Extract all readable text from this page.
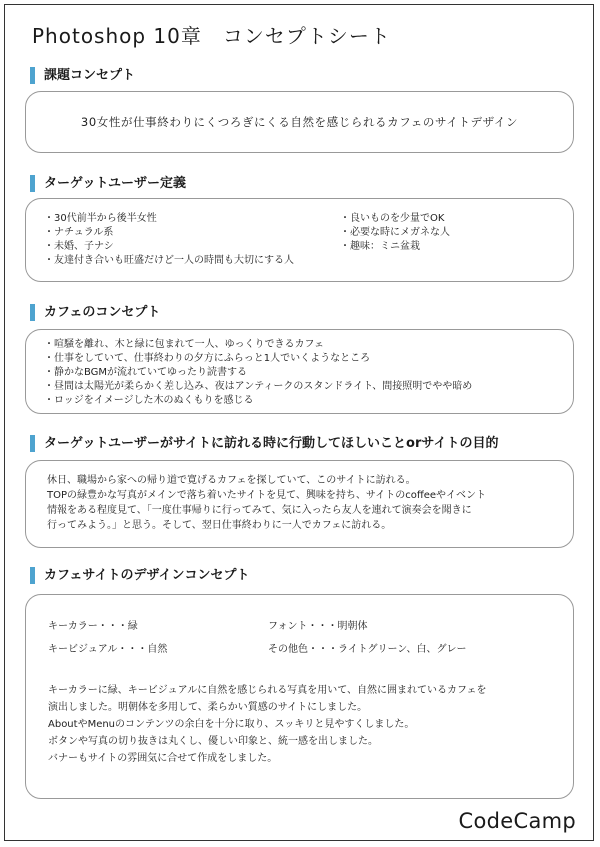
Photoshop 10章　コンセプトシート
課題コンセプト
30女性が仕事終わりにくつろぎにくる自然を感じられるカフェのサイトデザイン
ターゲットユーザー定義
・ 30代前半から後半女性
・ ナチュラル系
・ 未婚、子ナシ
・ 友達付き合いも旺盛だけど一人の時間も大切にする人
・ 良いものを少量でOK
・ 必要な時にメガネな人
・ 趣味：ミニ盆栽
カフェのコンセプト
・ 喧騒を離れ、木と緑に包まれて一人、ゆっくりできるカフェ
・ 仕事をしていて、仕事終わりの夕方にふらっと1人でいくようなところ
・ 静かなBGMが流れていてゆったり読書する
・ 昼間は太陽光が柔らかく差し込み、夜はアンティークのスタンドライト、間接照明でやや暗め
・ ロッジをイメージした木のぬくもりを感じる
ターゲットユーザーがサイトに訪れる時に行動してほしいことorサイトの目的
休日、職場から家への帰り道で寛げるカフェを探していて、このサイトに訪れる。
TOPの緑豊かな写真がメインで落ち着いたサイトを見て、興味を持ち、サイトのcoffeeやイベント
情報をある程度見て、「一度仕事帰りに行ってみて、気に入ったら友人を連れて演奏会を聞きに
行ってみよう。」と思う。そして、翌日仕事終わりに一人でカフェに訪れる。
カフェサイトのデザインコンセプト
キーカラー・・・緑	フォント・・・明朝体
キービジュアル・・・自然	その他色・・・ライトグリーン、白、グレー
キーカラーに緑、キービジュアルに自然を感じられる写真を用いて、自然に囲まれているカフェを
演出しました。明朝体を多用して、柔らかい質感のサイトにしました。
AboutやMenuのコンテンツの余白を十分に取り、スッキリと見やすくしました。
ボタンや写真の切り抜きは丸くし、優しい印象と、統一感を出しました。
バナーもサイトの雰囲気に合せて作成をしました。
CodeCamp
